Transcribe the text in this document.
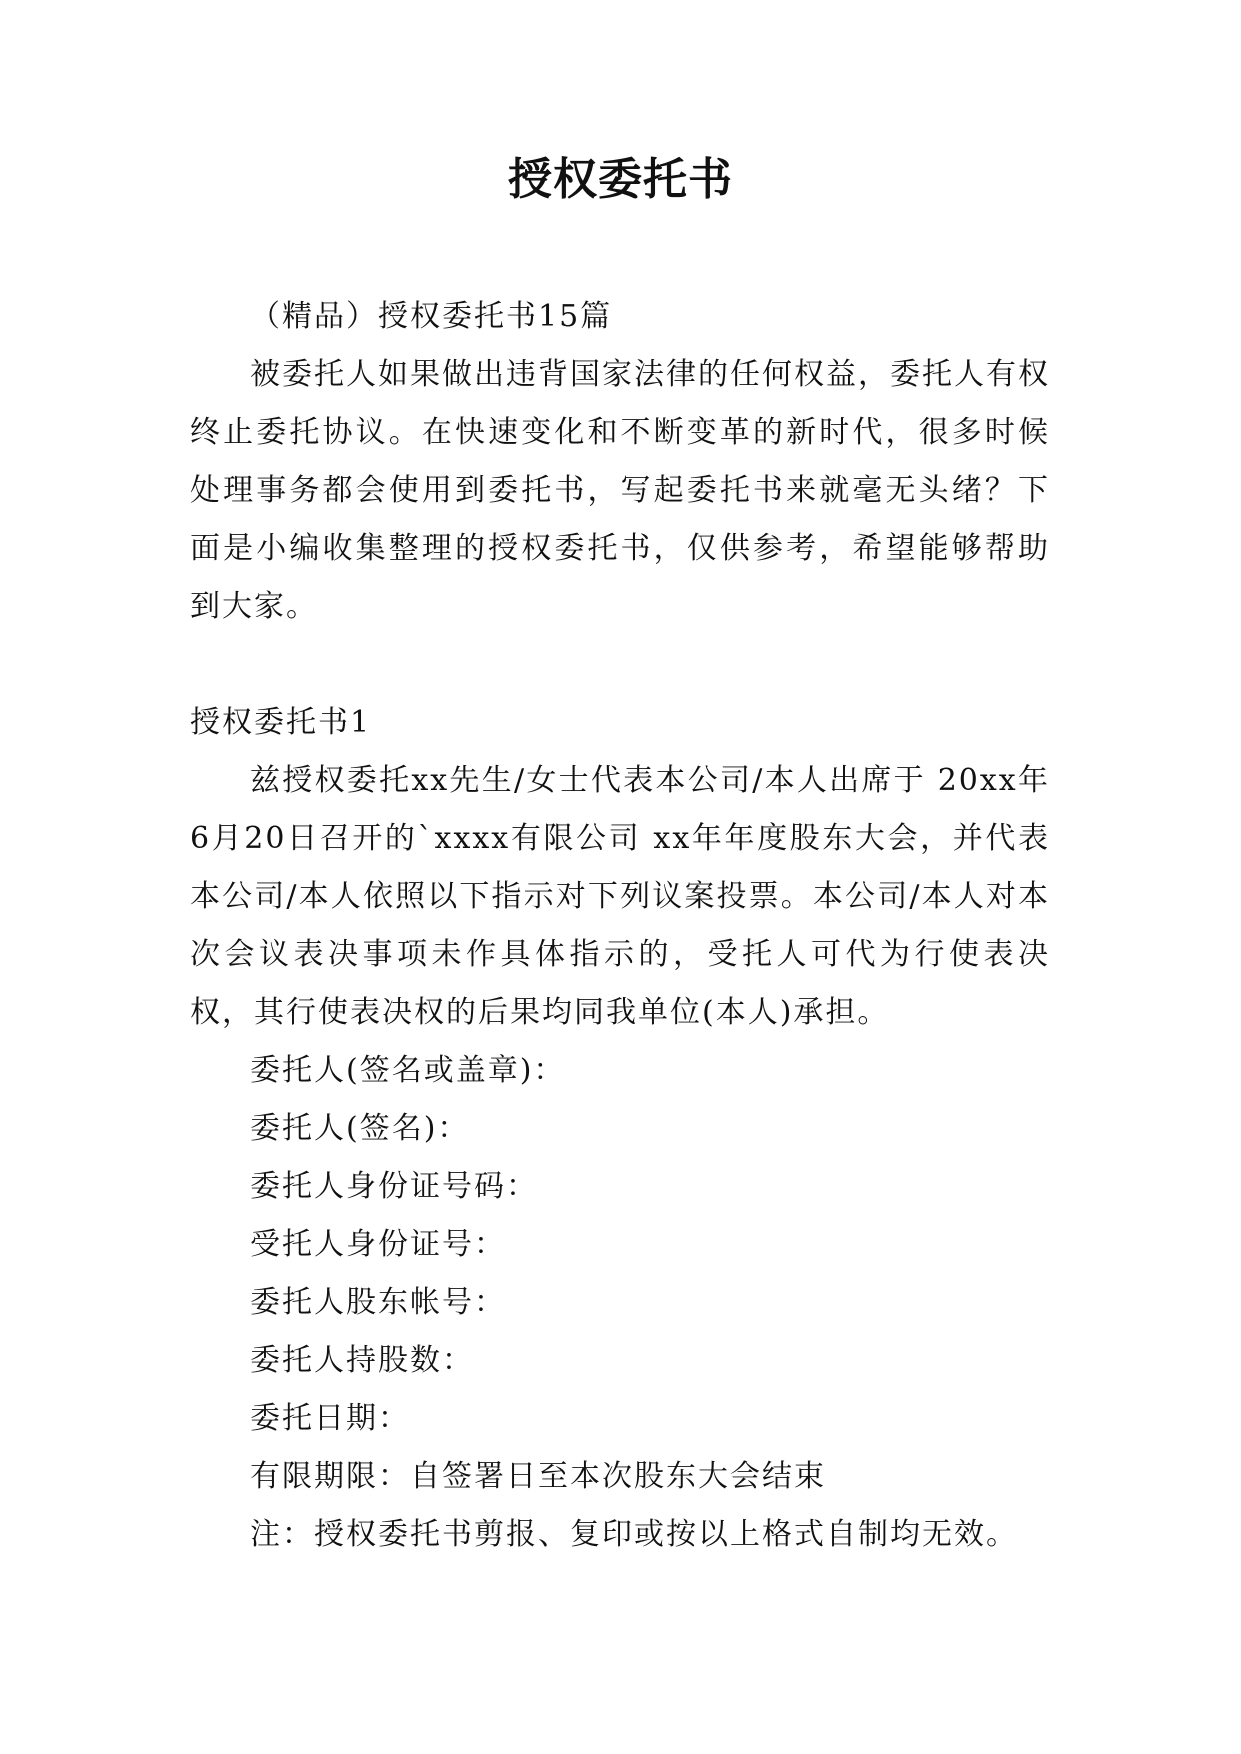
授权委托书

（精品）授权委托书15篇

被委托人如果做出违背国家法律的任何权益，委托人有权终止委托协议。在快速变化和不断变革的新时代，很多时候处理事务都会使用到委托书，写起委托书来就毫无头绪？下面是小编收集整理的授权委托书，仅供参考，希望能够帮助到大家。

授权委托书1

兹授权委托xx先生/女士代表本公司/本人出席于 20xx年 6月20日召开的`xxxx有限公司 xx年年度股东大会，并代表本公司/本人依照以下指示对下列议案投票。本公司/本人对本次会议表决事项未作具体指示的，受托人可代为行使表决权，其行使表决权的后果均同我单位(本人)承担。

委托人(签名或盖章)：

委托人(签名)：

委托人身份证号码：

受托人身份证号：

委托人股东帐号：

委托人持股数：

委托日期：

有限期限：自签署日至本次股东大会结束

注：授权委托书剪报、复印或按以上格式自制均无效。
